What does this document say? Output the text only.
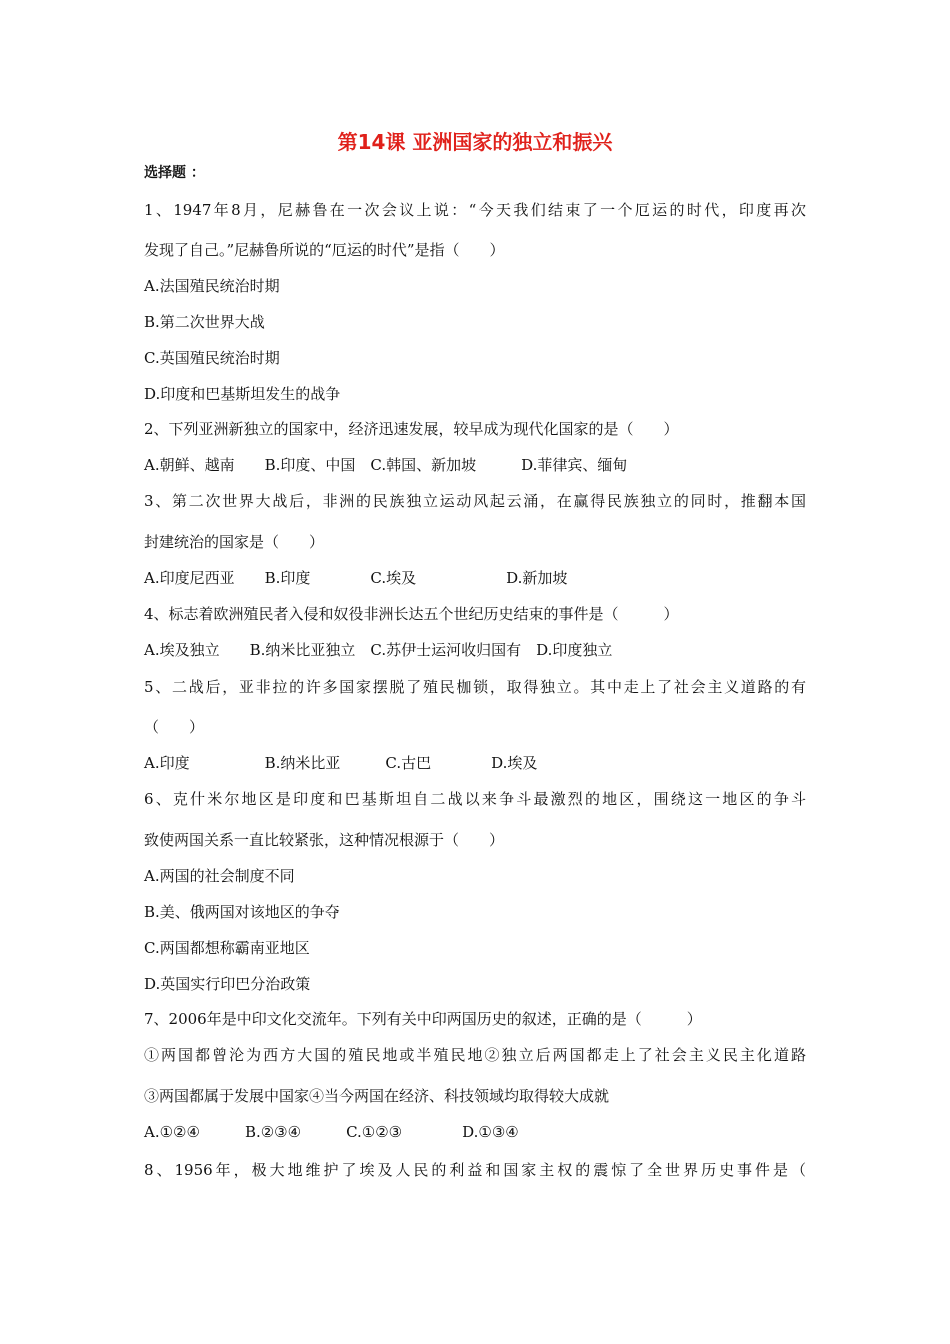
第14课 亚洲国家的独立和振兴
选择题 ：
1、1947年8月，尼赫鲁在一次会议上说：“今天我们结束了一个厄运的时代，印度再次
发现了自己。”尼赫鲁所说的“厄运的时代”是指（　　）
A.法国殖民统治时期
B.第二次世界大战
C.英国殖民统治时期
D.印度和巴基斯坦发生的战争
2、下列亚洲新独立的国家中，经济迅速发展，较早成为现代化国家的是（　　）
A.朝鲜、越南　　B.印度、中国　C.韩国、新加坡　　　D.菲律宾、缅甸
3、第二次世界大战后，非洲的民族独立运动风起云涌，在赢得民族独立的同时，推翻本国
封建统治的国家是（　　）
A.印度尼西亚　　B.印度　　　　C.埃及　　　　　　D.新加坡
4、标志着欧洲殖民者入侵和奴役非洲长达五个世纪历史结束的事件是（　　　）
A.埃及独立　　B.纳米比亚独立　C.苏伊士运河收归国有　D.印度独立
5、二战后，亚非拉的许多国家摆脱了殖民枷锁，取得独立。其中走上了社会主义道路的有
（　　）
A.印度　　　　　B.纳米比亚　　　C.古巴　　　　D.埃及
6、克什米尔地区是印度和巴基斯坦自二战以来争斗最激烈的地区，围绕这一地区的争斗
致使两国关系一直比较紧张，这种情况根源于（　　）
A.两国的社会制度不同
B.美、俄两国对该地区的争夺
C.两国都想称霸南亚地区
D.英国实行印巴分治政策
7、2006年是中印文化交流年。下列有关中印两国历史的叙述，正确的是（　　　）
①两国都曾沦为西方大国的殖民地或半殖民地②独立后两国都走上了社会主义民主化道路
③两国都属于发展中国家④当今两国在经济、科技领域均取得较大成就
A.①②④　　　B.②③④　　　C.①②③　　　　D.①③④
8、1956年，极大地维护了埃及人民的利益和国家主权的震惊了全世界历史事件是（
